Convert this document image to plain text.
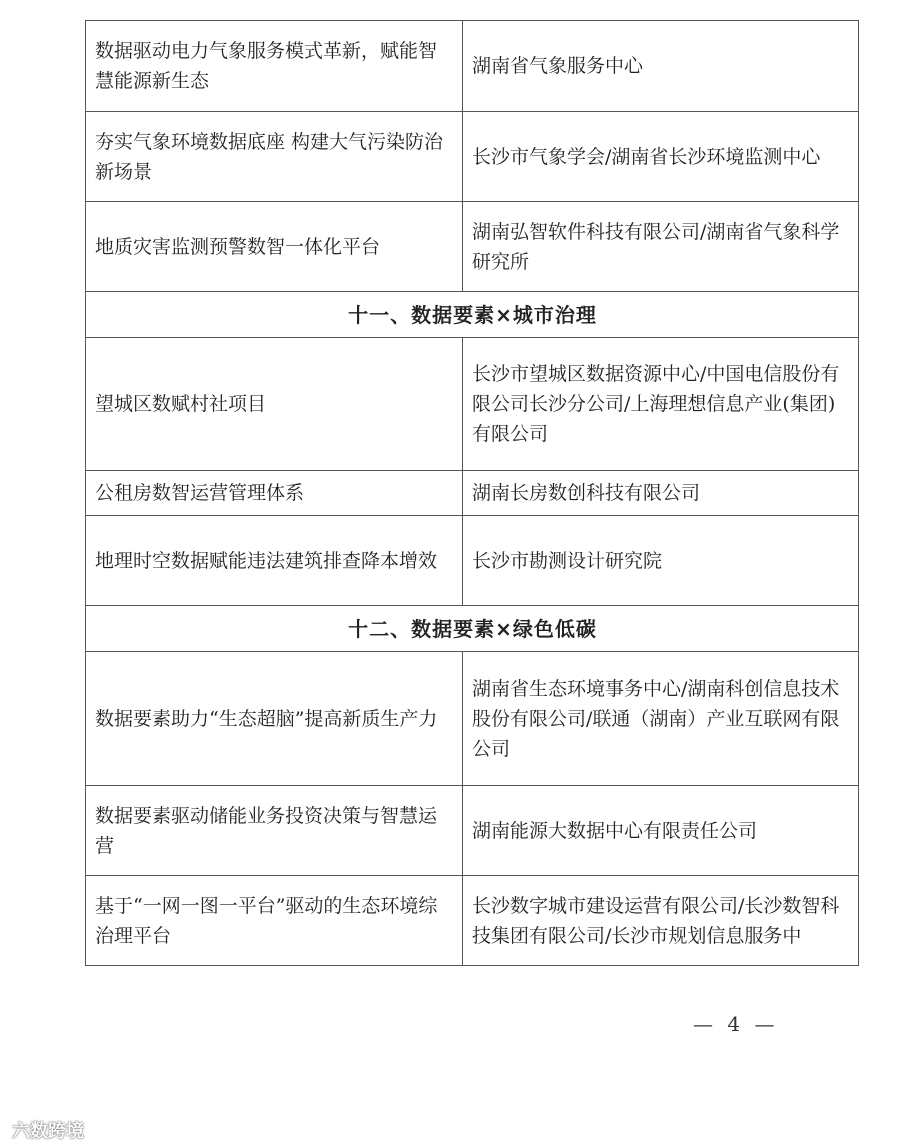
数据驱动电力气象服务模式革新，赋能智慧能源新生态	湖南省气象服务中心
夯实气象环境数据底座 构建大气污染防治新场景	长沙市气象学会/湖南省长沙环境监测中心
地质灾害监测预警数智一体化平台	湖南弘智软件科技有限公司/湖南省气象科学研究所
十一、数据要素×城市治理	
望城区数赋村社项目	长沙市望城区数据资源中心/中国电信股份有限公司长沙分公司/上海理想信息产业(集团)有限公司
公租房数智运营管理体系	湖南长房数创科技有限公司
地理时空数据赋能违法建筑排查降本增效	长沙市勘测设计研究院
十二、数据要素×绿色低碳	
数据要素助力“生态超脑”提高新质生产力	湖南省生态环境事务中心/湖南科创信息技术股份有限公司/联通（湖南）产业互联网有限公司
数据要素驱动储能业务投资决策与智慧运营	湖南能源大数据中心有限责任公司
基于“一网一图一平台”驱动的生态环境综治理平台	长沙数字城市建设运营有限公司/长沙数智科技集团有限公司/长沙市规划信息服务中
— 4 —
六数跨境
